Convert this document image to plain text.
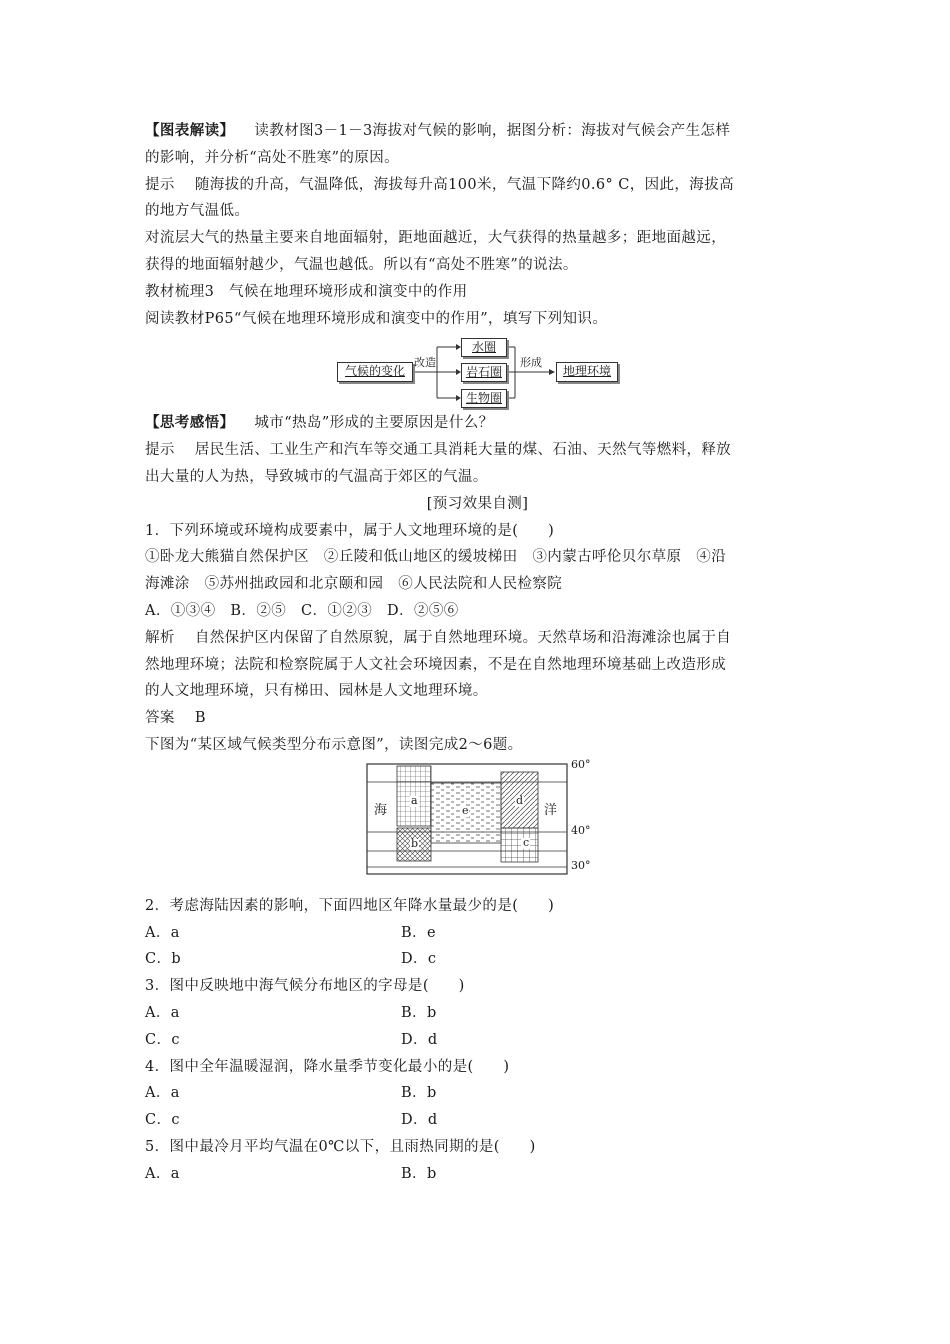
【图表解读】 读教材图3－1－3海拔对气候的影响，据图分析：海拔对气候会产生怎样
的影响，并分析“高处不胜寒”的原因。
提示 随海拔的升高，气温降低，海拔每升高100米，气温下降约0.6° C，因此，海拔高
的地方气温低。
对流层大气的热量主要来自地面辐射，距地面越近，大气获得的热量越多；距地面越远，
获得的地面辐射越少，气温也越低。所以有“高处不胜寒”的说法。
教材梳理3　气候在地理环境形成和演变中的作用
阅读教材P65“气候在地理环境形成和演变中的作用”，填写下列知识。
气候的变化
改造
水圈
岩石圈
生物圈
形成
地理环境
【思考感悟】 城市“热岛”形成的主要原因是什么？
提示 居民生活、工业生产和汽车等交通工具消耗大量的煤、石油、天然气等燃料，释放
出大量的人为热，导致城市的气温高于郊区的气温。
[预习效果自测]
1．下列环境或环境构成要素中，属于人文地理环境的是(　　)
①卧龙大熊猫自然保护区　②丘陵和低山地区的缓坡梯田　③内蒙古呼伦贝尔草原　④沿
海滩涂　⑤苏州拙政园和北京颐和园　⑥人民法院和人民检察院
A．①③④　B．②⑤　C．①②③　D．②⑤⑥
解析 自然保护区内保留了自然原貌，属于自然地理环境。天然草场和沿海滩涂也属于自
然地理环境；法院和检察院属于人文社会环境因素，不是在自然地理环境基础上改造形成
的人文地理环境，只有梯田、园林是人文地理环境。
答案 B
下图为“某区域气候类型分布示意图”，读图完成2～6题。
a
b	c
d
e
海	洋
60°
40°
30°
2．考虑海陆因素的影响，下面四地区年降水量最少的是(　　)
A．a	B．e
C．b	D．c
3．图中反映地中海气候分布地区的字母是(　　)
A．a	B．b
C．c	D．d
4．图中全年温暖湿润，降水量季节变化最小的是(　　)
A．a	B．b
C．c	D．d
5．图中最冷月平均气温在0℃以下，且雨热同期的是(　　)
A．a	B．b
